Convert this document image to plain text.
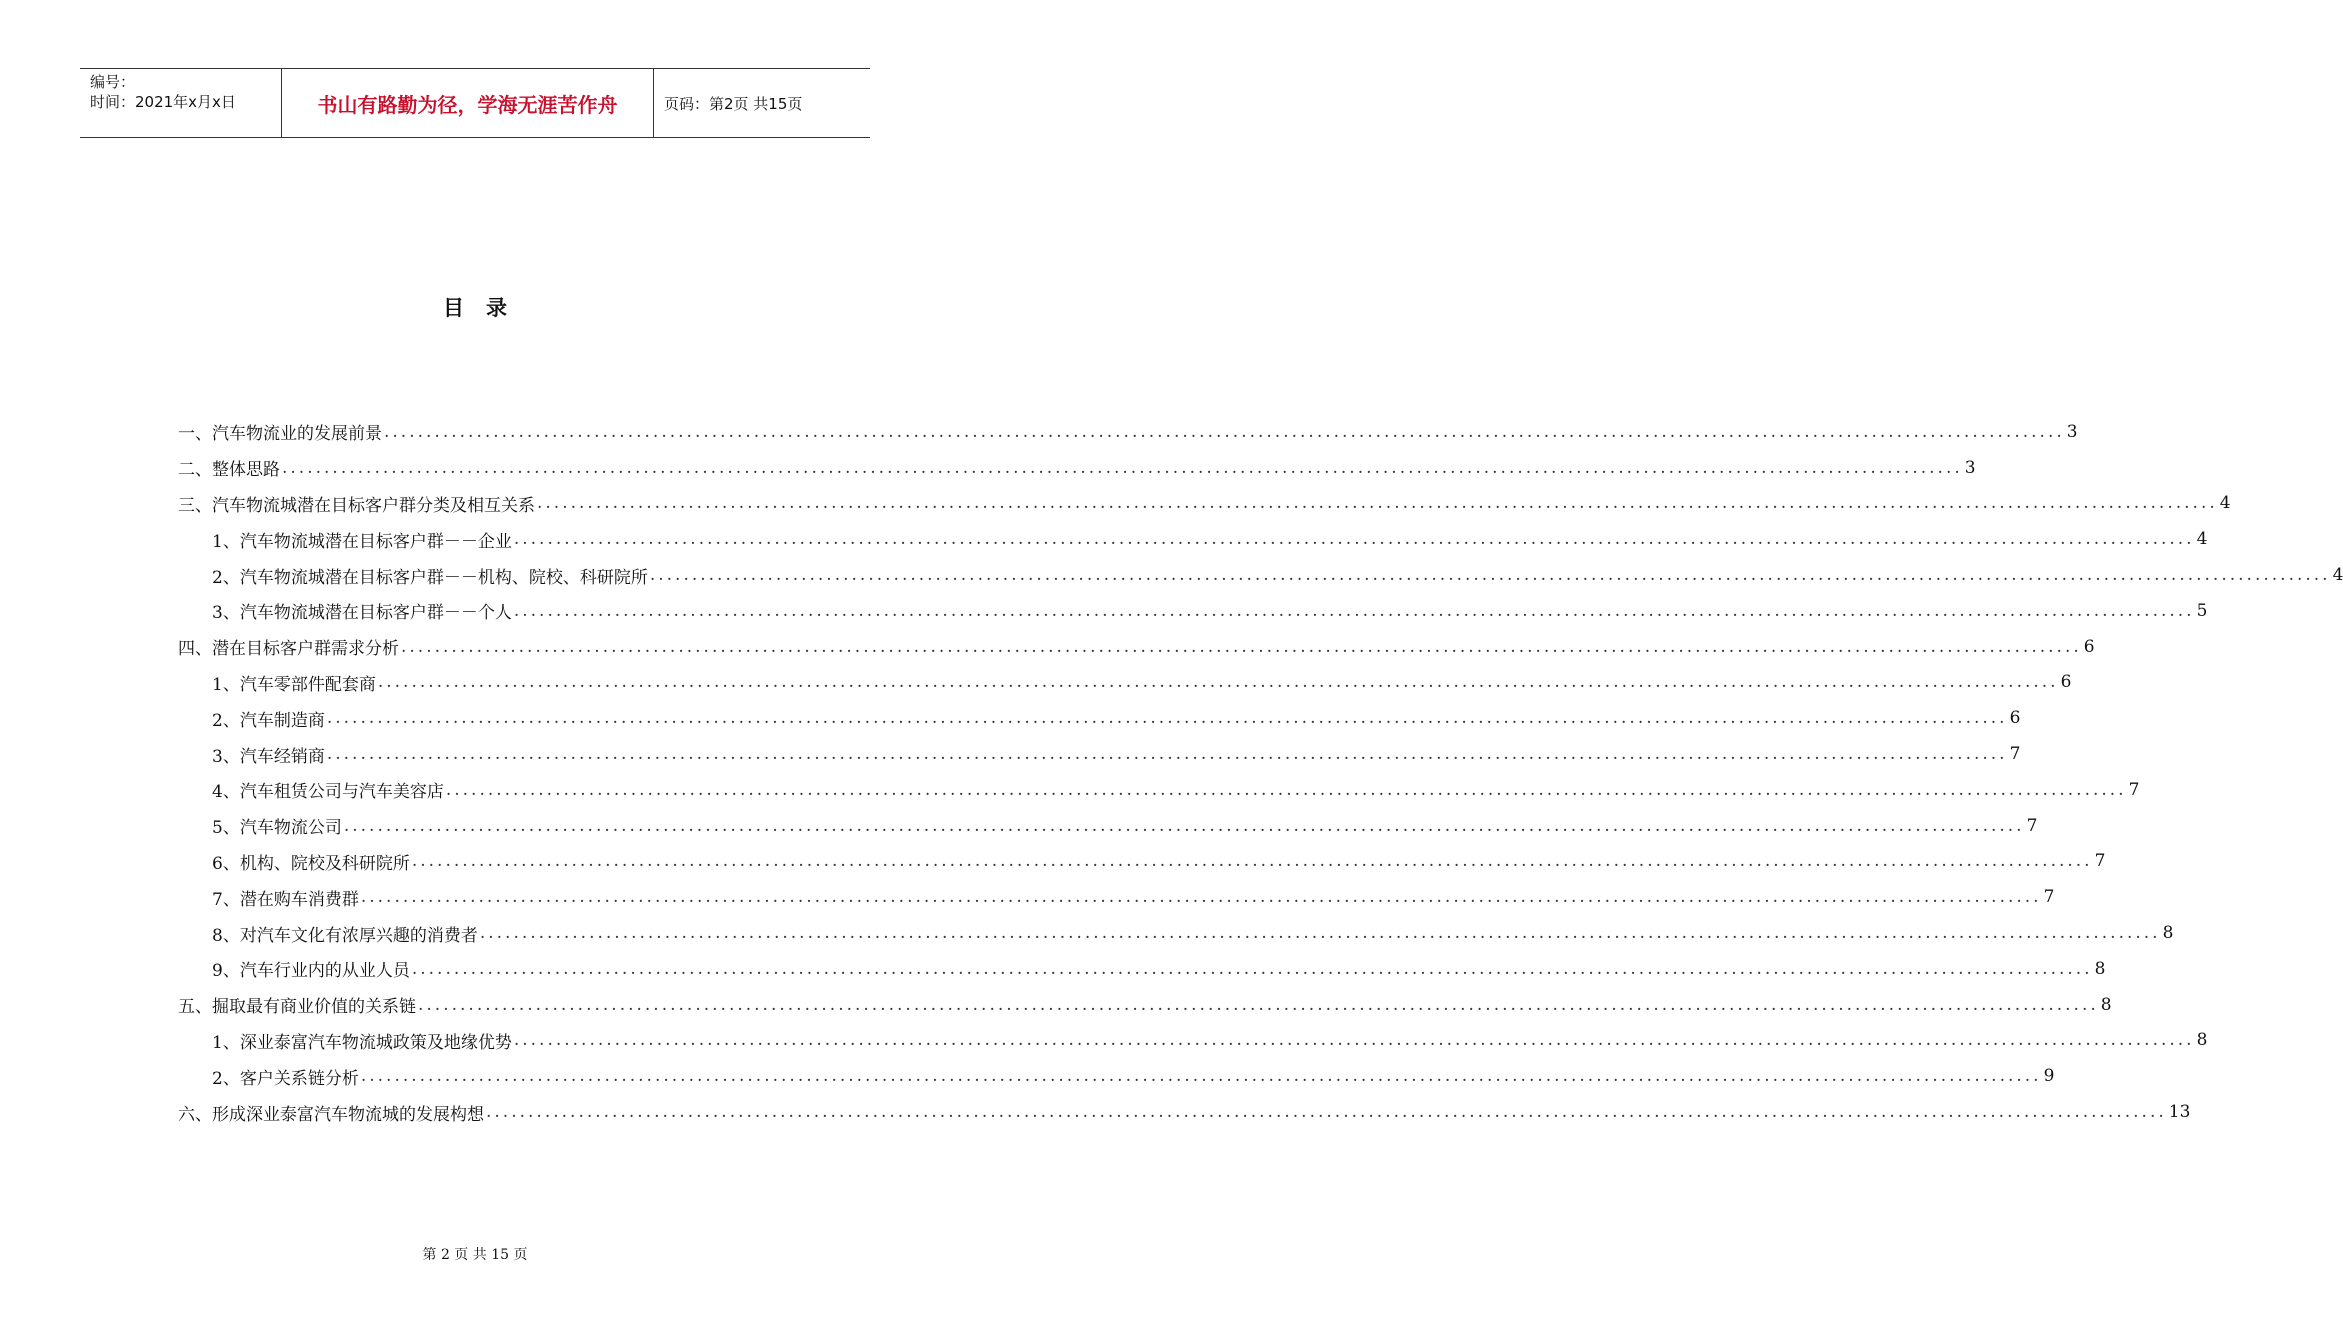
编号：
时间：2021年x月x日	书山有路勤为径，学海无涯苦作舟	页码：第2页 共15页
目录
一、汽车物流业的发展前景 ........................................................................................................................................................................................................ 3
二、整体思路 ........................................................................................................................................................................................................ 3
三、汽车物流城潜在目标客户群分类及相互关系 ........................................................................................................................................................................................................ 4
1、汽车物流城潜在目标客户群－－企业 ........................................................................................................................................................................................................ 4
2、汽车物流城潜在目标客户群－－机构、院校、科研院所 ........................................................................................................................................................................................................ 4
3、汽车物流城潜在目标客户群－－个人 ........................................................................................................................................................................................................ 5
四、潜在目标客户群需求分析 ........................................................................................................................................................................................................ 6
1、汽车零部件配套商 ........................................................................................................................................................................................................ 6
2、汽车制造商 ........................................................................................................................................................................................................ 6
3、汽车经销商 ........................................................................................................................................................................................................ 7
4、汽车租赁公司与汽车美容店 ........................................................................................................................................................................................................ 7
5、汽车物流公司 ........................................................................................................................................................................................................ 7
6、机构、院校及科研院所 ........................................................................................................................................................................................................ 7
7、潜在购车消费群 ........................................................................................................................................................................................................ 7
8、对汽车文化有浓厚兴趣的消费者 ........................................................................................................................................................................................................ 8
9、汽车行业内的从业人员 ........................................................................................................................................................................................................ 8
五、掘取最有商业价值的关系链 ........................................................................................................................................................................................................ 8
1、深业泰富汽车物流城政策及地缘优势 ........................................................................................................................................................................................................ 8
2、客户关系链分析 ........................................................................................................................................................................................................ 9
六、形成深业泰富汽车物流城的发展构想 ........................................................................................................................................................................................................ 13
第 2 页 共 15 页
